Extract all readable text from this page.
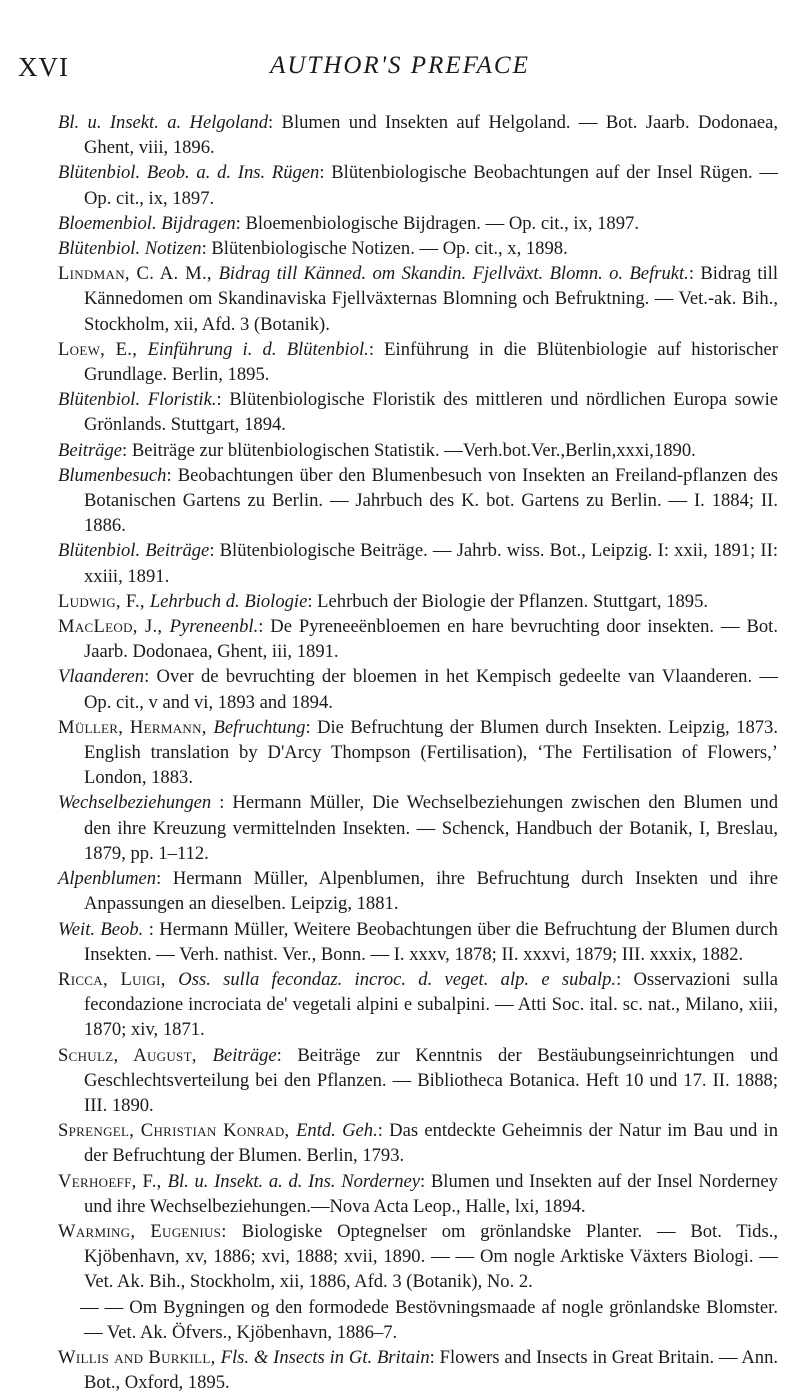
XVI	AUTHOR'S PREFACE

Bl. u. Insekt. a. Helgoland: Blumen und Insekten auf Helgoland. — Bot. Jaarb. Dodonaea, Ghent, viii, 1896.

Blütenbiol. Beob. a. d. Ins. Rügen: Blütenbiologische Beobachtungen auf der Insel Rügen. — Op. cit., ix, 1897.

Bloemenbiol. Bijdragen: Bloemenbiologische Bijdragen. — Op. cit., ix, 1897.

Blütenbiol. Notizen: Blütenbiologische Notizen. — Op. cit., x, 1898.

Lindman, C. A. M., Bidrag till Känned. om Skandin. Fjellväxt. Blomn. o. Befrukt.: Bidrag till Kännedomen om Skandinaviska Fjellväxternas Blomning och Befruktning. — Vet.-ak. Bih., Stockholm, xii, Afd. 3 (Botanik).

Loew, E., Einführung i. d. Blütenbiol.: Einführung in die Blütenbiologie auf historischer Grundlage. Berlin, 1895.

Blütenbiol. Floristik.: Blütenbiologische Floristik des mittleren und nördlichen Europa sowie Grönlands. Stuttgart, 1894.

Beiträge: Beiträge zur blütenbiologischen Statistik. —Verh.bot.Ver.,Berlin,xxxi,1890.

Blumenbesuch: Beobachtungen über den Blumenbesuch von Insekten an Freiland-pflanzen des Botanischen Gartens zu Berlin. — Jahrbuch des K. bot. Gartens zu Berlin. — I. 1884; II. 1886.

Blütenbiol. Beiträge: Blütenbiologische Beiträge. — Jahrb. wiss. Bot., Leipzig. I: xxii, 1891; II: xxiii, 1891.

Ludwig, F., Lehrbuch d. Biologie: Lehrbuch der Biologie der Pflanzen. Stuttgart, 1895.

MacLeod, J., Pyreneenbl.: De Pyreneeënbloemen en hare bevruchting door insekten. — Bot. Jaarb. Dodonaea, Ghent, iii, 1891.

Vlaanderen: Over de bevruchting der bloemen in het Kempisch gedeelte van Vlaanderen. — Op. cit., v and vi, 1893 and 1894.

Müller, Hermann, Befruchtung: Die Befruchtung der Blumen durch Insekten. Leipzig, 1873. English translation by D'Arcy Thompson (Fertilisation), ‘The Fertilisation of Flowers,’ London, 1883.

Wechselbeziehungen : Hermann Müller, Die Wechselbeziehungen zwischen den Blumen und den ihre Kreuzung vermittelnden Insekten. — Schenck, Handbuch der Botanik, I, Breslau, 1879, pp. 1–112.

Alpenblumen: Hermann Müller, Alpenblumen, ihre Befruchtung durch Insekten und ihre Anpassungen an dieselben. Leipzig, 1881.

Weit. Beob. : Hermann Müller, Weitere Beobachtungen über die Befruchtung der Blumen durch Insekten. — Verh. nathist. Ver., Bonn. — I. xxxv, 1878; II. xxxvi, 1879; III. xxxix, 1882.

Ricca, Luigi, Oss. sulla fecondaz. incroc. d. veget. alp. e subalp.: Osservazioni sulla fecondazione incrociata de' vegetali alpini e subalpini. — Atti Soc. ital. sc. nat., Milano, xiii, 1870; xiv, 1871.

Schulz, August, Beiträge: Beiträge zur Kenntnis der Bestäubungseinrichtungen und Geschlechtsverteilung bei den Pflanzen. — Bibliotheca Botanica. Heft 10 und 17. II. 1888; III. 1890.

Sprengel, Christian Konrad, Entd. Geh.: Das entdeckte Geheimnis der Natur im Bau und in der Befruchtung der Blumen. Berlin, 1793.

Verhoeff, F., Bl. u. Insekt. a. d. Ins. Norderney: Blumen und Insekten auf der Insel Norderney und ihre Wechselbeziehungen.—Nova Acta Leop., Halle, lxi, 1894.

Warming, Eugenius: Biologiske Optegnelser om grönlandske Planter. — Bot. Tids., Kjöbenhavn, xv, 1886; xvi, 1888; xvii, 1890. — — Om nogle Arktiske Växters Biologi. — Vet. Ak. Bih., Stockholm, xii, 1886, Afd. 3 (Botanik), No. 2.

— — Om Bygningen og den formodede Bestövningsmaade af nogle grönlandske Blomster. — Vet. Ak. Öfvers., Kjöbenhavn, 1886–7.

Willis and Burkill, Fls. & Insects in Gt. Britain: Flowers and Insects in Great Britain. — Ann. Bot., Oxford, 1895.
